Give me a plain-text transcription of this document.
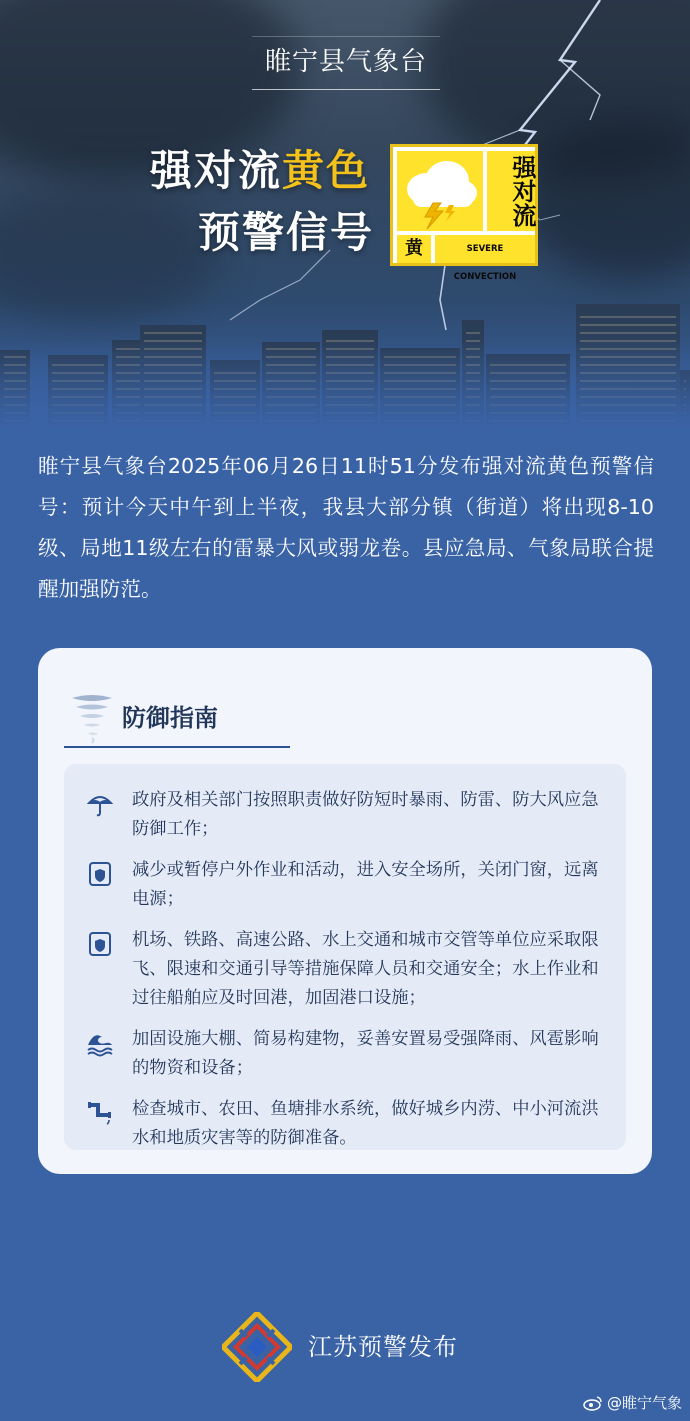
睢宁县气象台
强对流黄色
预警信号
强对流
黄	SEVERE CONVECTION

睢宁县气象台2025年06月26日11时51分发布强对流黄色预警信号：预计今天中午到上半夜，我县大部分镇（街道）将出现8-10级、局地11级左右的雷暴大风或弱龙卷。县应急局、气象局联合提醒加强防范。

防御指南
政府及相关部门按照职责做好防短时暴雨、防雷、防大风应急防御工作；
减少或暂停户外作业和活动，进入安全场所，关闭门窗，远离电源；
机场、铁路、高速公路、水上交通和城市交管等单位应采取限飞、限速和交通引导等措施保障人员和交通安全；水上作业和过往船舶应及时回港，加固港口设施；
加固设施大棚、简易构建物，妥善安置易受强降雨、风雹影响的物资和设备；
检查城市、农田、鱼塘排水系统，做好城乡内涝、中小河流洪水和地质灾害等的防御准备。
江苏预警发布
@睢宁气象
